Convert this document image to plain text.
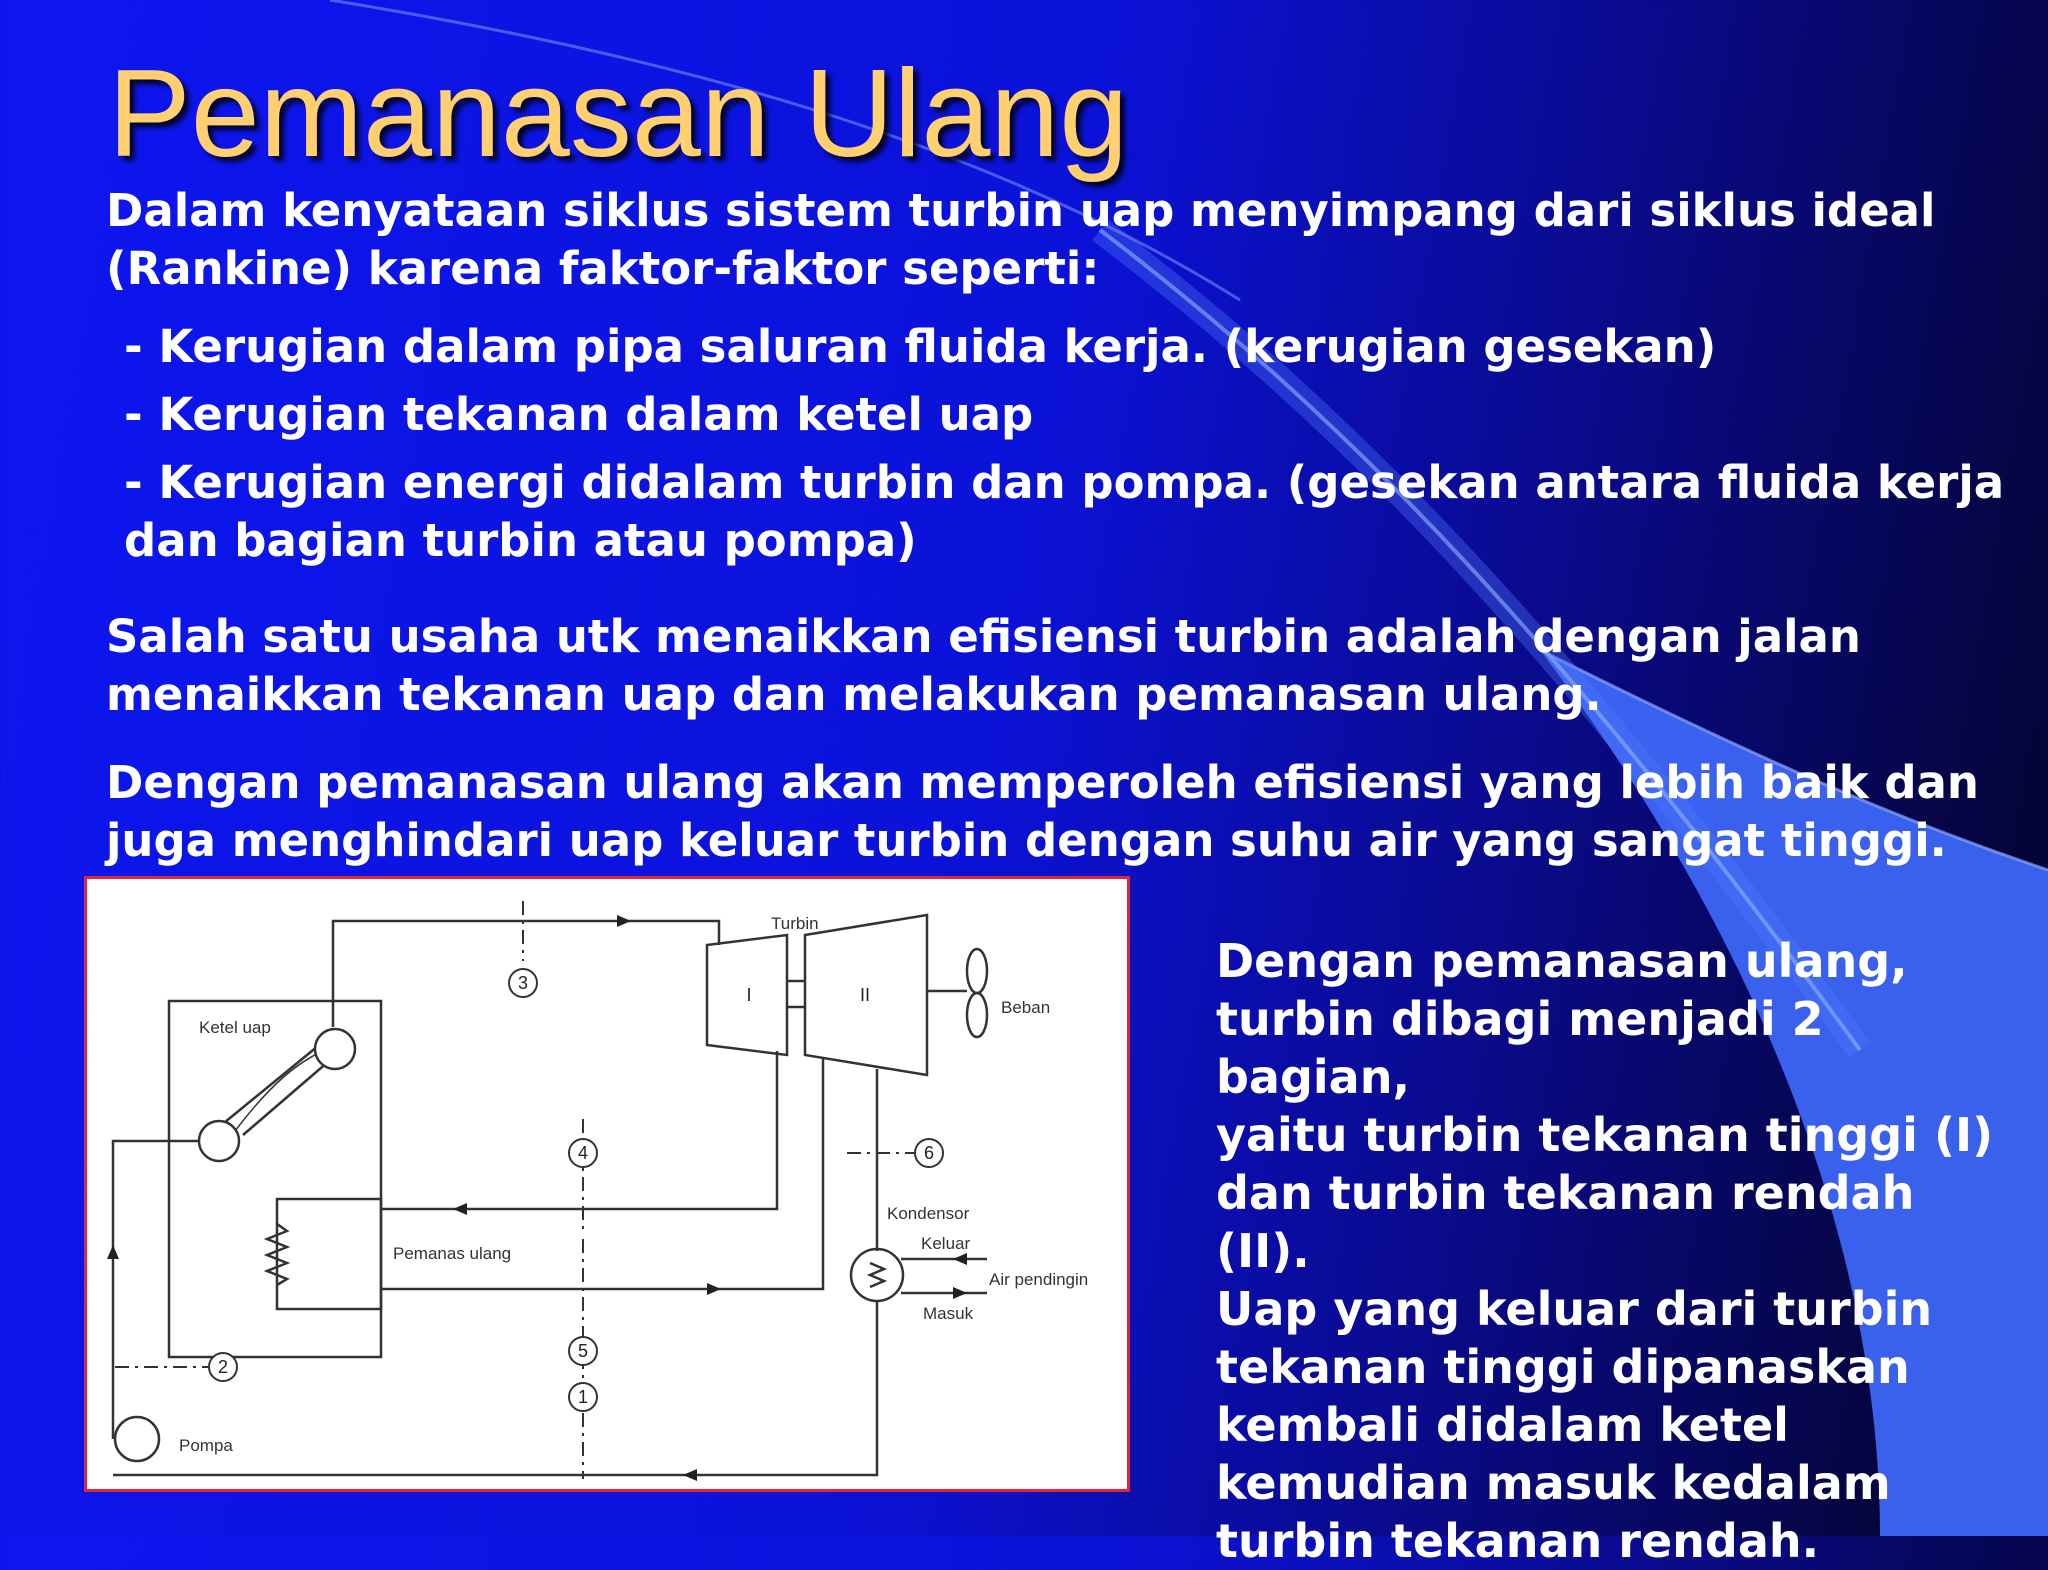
Pemanasan Ulang

Dalam kenyataan siklus sistem turbin uap menyimpang dari siklus ideal

(Rankine) karena faktor-faktor seperti:

- Kerugian dalam pipa saluran fluida kerja. (kerugian gesekan)

- Kerugian tekanan dalam ketel uap

- Kerugian energi didalam turbin dan pompa. (gesekan antara fluida kerja

dan bagian turbin atau pompa)

Salah satu usaha utk menaikkan efisiensi turbin adalah dengan jalan

menaikkan tekanan uap dan melakukan pemanasan ulang.

Dengan pemanasan ulang akan memperoleh efisiensi yang lebih baik dan

juga menghindari uap keluar turbin dengan suhu air yang sangat tinggi.

3
4	6
5
1
2
Turbin
I	II
Beban
Ketel uap
Pemanas ulang
Kondensor
Keluar
Air pendingin
Masuk
Pompa
Dengan pemanasan ulang,
turbin dibagi menjadi 2 bagian,
yaitu turbin tekanan tinggi (I)
dan turbin tekanan rendah (II).
Uap yang keluar dari turbin
tekanan tinggi dipanaskan
kembali didalam ketel
kemudian masuk kedalam
turbin tekanan rendah.
